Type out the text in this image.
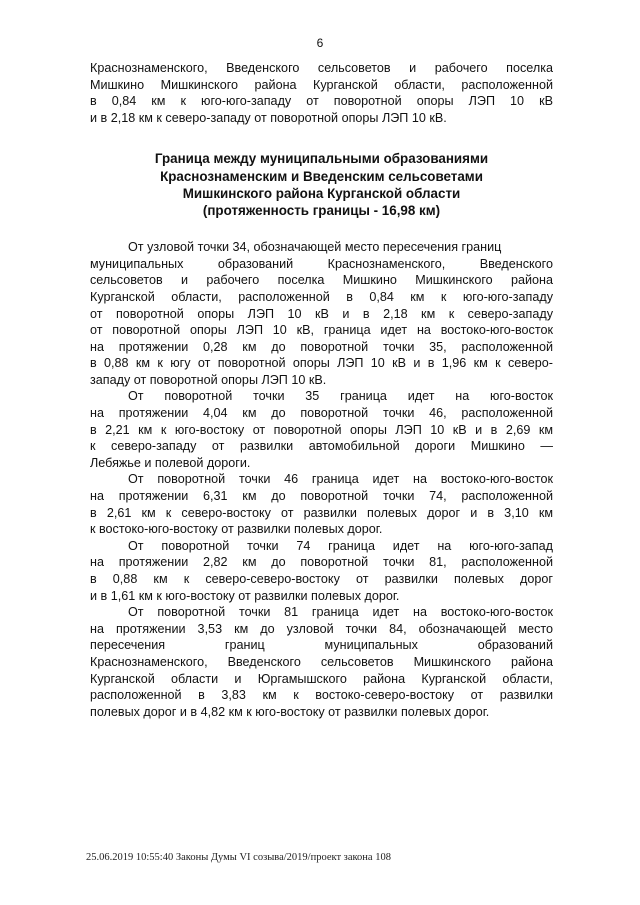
6
Краснознаменского, Введенского сельсоветов и рабочего поселка
Мишкино Мишкинского района Курганской области, расположенной
в 0,84 км к юго-юго-западу от поворотной опоры ЛЭП 10 кВ
и в 2,18 км к северо-западу от поворотной опоры ЛЭП 10 кВ.
Граница между муниципальными образованиями
Краснознаменским и Введенским сельсоветами
Мишкинского района Курганской области
(протяженность границы - 16,98 км)
От узловой точки 34, обозначающей место пересечения границ
муниципальных образований Краснознаменского, Введенского
сельсоветов и рабочего поселка Мишкино Мишкинского района
Курганской области, расположенной в 0,84 км к юго-юго-западу
от поворотной опоры ЛЭП 10 кВ и в 2,18 км к северо-западу
от поворотной опоры ЛЭП 10 кВ, граница идет на востоко-юго-восток
на протяжении 0,28 км до поворотной точки 35, расположенной
в 0,88 км к югу от поворотной опоры ЛЭП 10 кВ и в 1,96 км к северо-
западу от поворотной опоры ЛЭП 10 кВ.
От поворотной точки 35 граница идет на юго-восток
на протяжении 4,04 км до поворотной точки 46, расположенной
в 2,21 км к юго-востоку от поворотной опоры ЛЭП 10 кВ и в 2,69 км
к северо-западу от развилки автомобильной дороги Мишкино —
Лебяжье и полевой дороги.
От поворотной точки 46 граница идет на востоко-юго-восток
на протяжении 6,31 км до поворотной точки 74, расположенной
в 2,61 км к северо-востоку от развилки полевых дорог и в 3,10 км
к востоко-юго-востоку от развилки полевых дорог.
От поворотной точки 74 граница идет на юго-юго-запад
на протяжении 2,82 км до поворотной точки 81, расположенной
в 0,88 км к северо-северо-востоку от развилки полевых дорог
и в 1,61 км к юго-востоку от развилки полевых дорог.
От поворотной точки 81 граница идет на востоко-юго-восток
на протяжении 3,53 км до узловой точки 84, обозначающей место
пересечения границ муниципальных образований
Краснознаменского, Введенского сельсоветов Мишкинского района
Курганской области и Юргамышского района Курганской области,
расположенной в 3,83 км к востоко-северо-востоку от развилки
полевых дорог и в 4,82 км к юго-востоку от развилки полевых дорог.
25.06.2019 10:55:40 Законы Думы VI созыва/2019/проект закона 108
